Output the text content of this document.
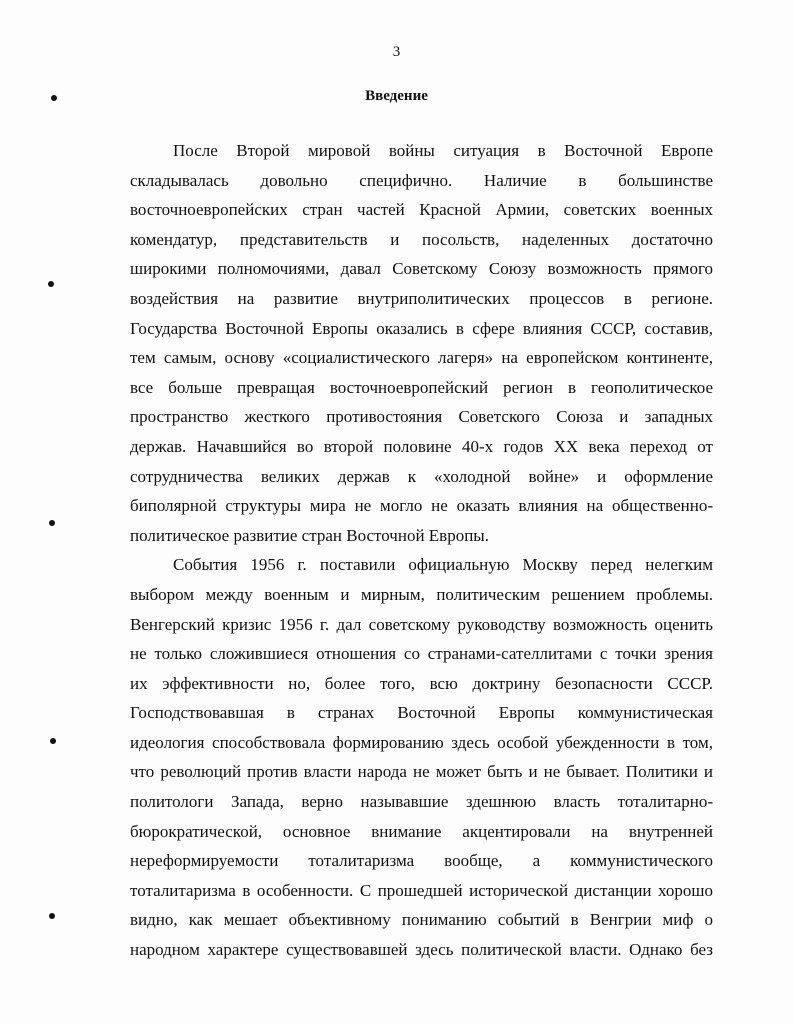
3
Введение
После Второй мировой войны ситуация в Восточной Европе
складывалась довольно специфично. Наличие в большинстве
восточноевропейских стран частей Красной Армии, советских военных
комендатур, представительств и посольств, наделенных достаточно
широкими полномочиями, давал Советскому Союзу возможность прямого
воздействия на развитие внутриполитических процессов в регионе.
Государства Восточной Европы оказались в сфере влияния СССР, составив,
тем самым, основу «социалистического лагеря» на европейском континенте,
все больше превращая восточноевропейский регион в геополитическое
пространство жесткого противостояния Советского Союза и западных
держав. Начавшийся во второй половине 40-х годов XX века переход от
сотрудничества великих держав к «холодной войне» и оформление
биполярной структуры мира не могло не оказать влияния на общественно-
политическое развитие стран Восточной Европы.
События 1956 г. поставили официальную Москву перед нелегким
выбором между военным и мирным, политическим решением проблемы.
Венгерский кризис 1956 г. дал советскому руководству возможность оценить
не только сложившиеся отношения со странами-сателлитами с точки зрения
их эффективности но, более того, всю доктрину безопасности СССР.
Господствовавшая в странах Восточной Европы коммунистическая
идеология способствовала формированию здесь особой убежденности в том,
что революций против власти народа не может быть и не бывает. Политики и
политологи Запада, верно называвшие здешнюю власть тоталитарно-
бюрократической, основное внимание акцентировали на внутренней
нереформируемости тоталитаризма вообще, а коммунистического
тоталитаризма в особенности. С прошедшей исторической дистанции хорошо
видно, как мешает объективному пониманию событий в Венгрии миф о
народном характере существовавшей здесь политической власти. Однако без
